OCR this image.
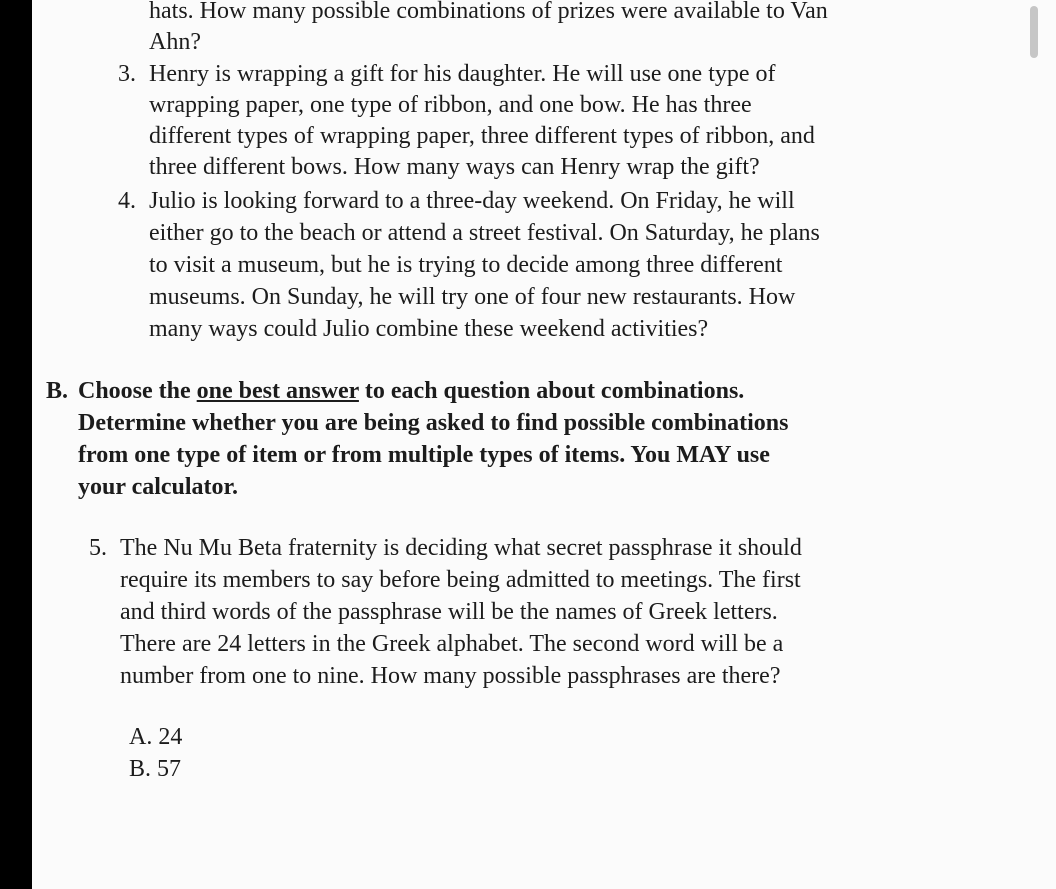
hats. How many possible combinations of prizes were available to Van
Ahn?
3. Henry is wrapping a gift for his daughter. He will use one type of
wrapping paper, one type of ribbon, and one bow. He has three
different types of wrapping paper, three different types of ribbon, and
three different bows. How many ways can Henry wrap the gift?
4. Julio is looking forward to a three-day weekend. On Friday, he will
either go to the beach or attend a street festival. On Saturday, he plans
to visit a museum, but he is trying to decide among three different
museums. On Sunday, he will try one of four new restaurants. How
many ways could Julio combine these weekend activities?
B. Choose the one best answer to each question about combinations.
Determine whether you are being asked to find possible combinations
from one type of item or from multiple types of items. You MAY use
your calculator.
5. The Nu Mu Beta fraternity is deciding what secret passphrase it should
require its members to say before being admitted to meetings. The first
and third words of the passphrase will be the names of Greek letters.
There are 24 letters in the Greek alphabet. The second word will be a
number from one to nine. How many possible passphrases are there?
A. 24
B. 57
